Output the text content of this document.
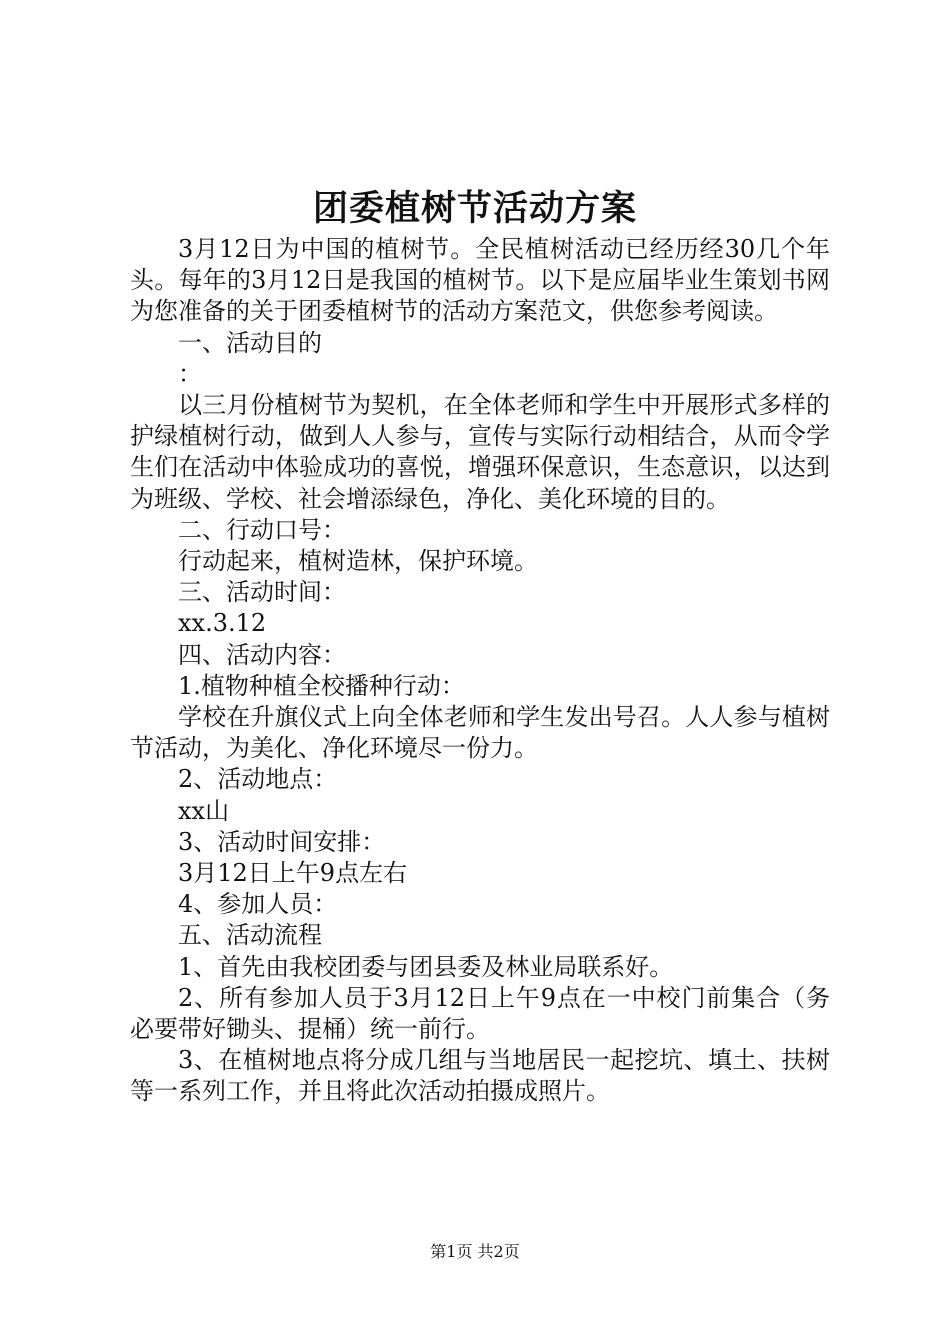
团委植树节活动方案

3月12日为中国的植树节。全民植树活动已经历经30几个年头。每年的3月12日是我国的植树节。以下是应届毕业生策划书网为您准备的关于团委植树节的活动方案范文，供您参考阅读。

一、活动目的

：

以三月份植树节为契机，在全体老师和学生中开展形式多样的护绿植树行动，做到人人参与，宣传与实际行动相结合，从而令学生们在活动中体验成功的喜悦，增强环保意识，生态意识，以达到为班级、学校、社会增添绿色，净化、美化环境的目的。

二、行动口号：

行动起来，植树造林，保护环境。

三、活动时间：

xx.3.12

四、活动内容：

1.植物种植全校播种行动：

学校在升旗仪式上向全体老师和学生发出号召。人人参与植树节活动，为美化、净化环境尽一份力。

2、活动地点：

xx山

3、活动时间安排：

3月12日上午9点左右

4、参加人员：

五、活动流程

1、首先由我校团委与团县委及林业局联系好。

2、所有参加人员于3月12日上午9点在一中校门前集合（务必要带好锄头、提桶）统一前行。

3、在植树地点将分成几组与当地居民一起挖坑、填土、扶树等一系列工作，并且将此次活动拍摄成照片。

第1页 共2页
